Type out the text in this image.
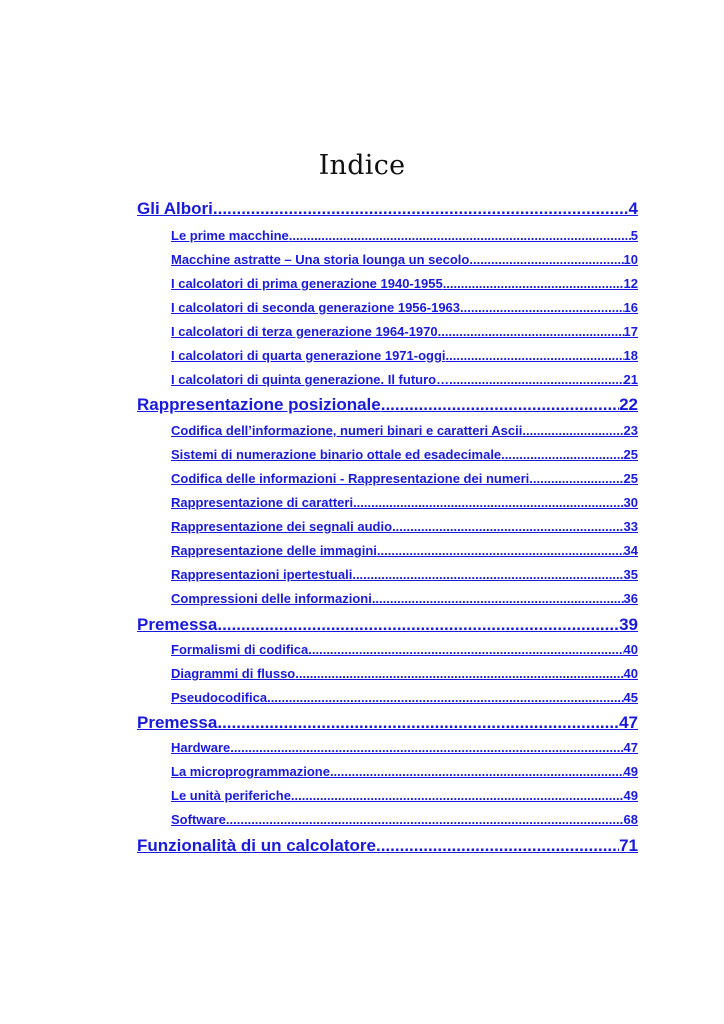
Indice
Gli Albori .....	4
Le prime macchine .....	5
Macchine astratte – Una storia lounga un secolo .....	10
I calcolatori di prima generazione 1940-1955 .....	12
I calcolatori di seconda generazione 1956-1963 .....	16
I calcolatori di terza generazione 1964-1970 .....	17
I calcolatori di quarta generazione 1971-oggi .....	18
I calcolatori di quinta generazione. Il futuro… .....	21
Rappresentazione posizionale .....	22
Codifica dell’informazione, numeri binari e caratteri Ascii .....	23
Sistemi di numerazione binario ottale ed esadecimale .....	25
Codifica delle informazioni - Rappresentazione dei numeri .....	25
Rappresentazione di caratteri .....	30
Rappresentazione dei segnali audio .....	33
Rappresentazione delle immagini .....	34
Rappresentazioni ipertestuali .....	35
Compressioni delle informazioni .....	36
Premessa .....	39
Formalismi di codifica .....	40
Diagrammi di flusso .....	40
Pseudocodifica .....	45
Premessa .....	47
Hardware .....	47
La microprogrammazione .....	49
Le unità periferiche .....	49
Software .....	68
Funzionalità di un calcolatore .....	71
